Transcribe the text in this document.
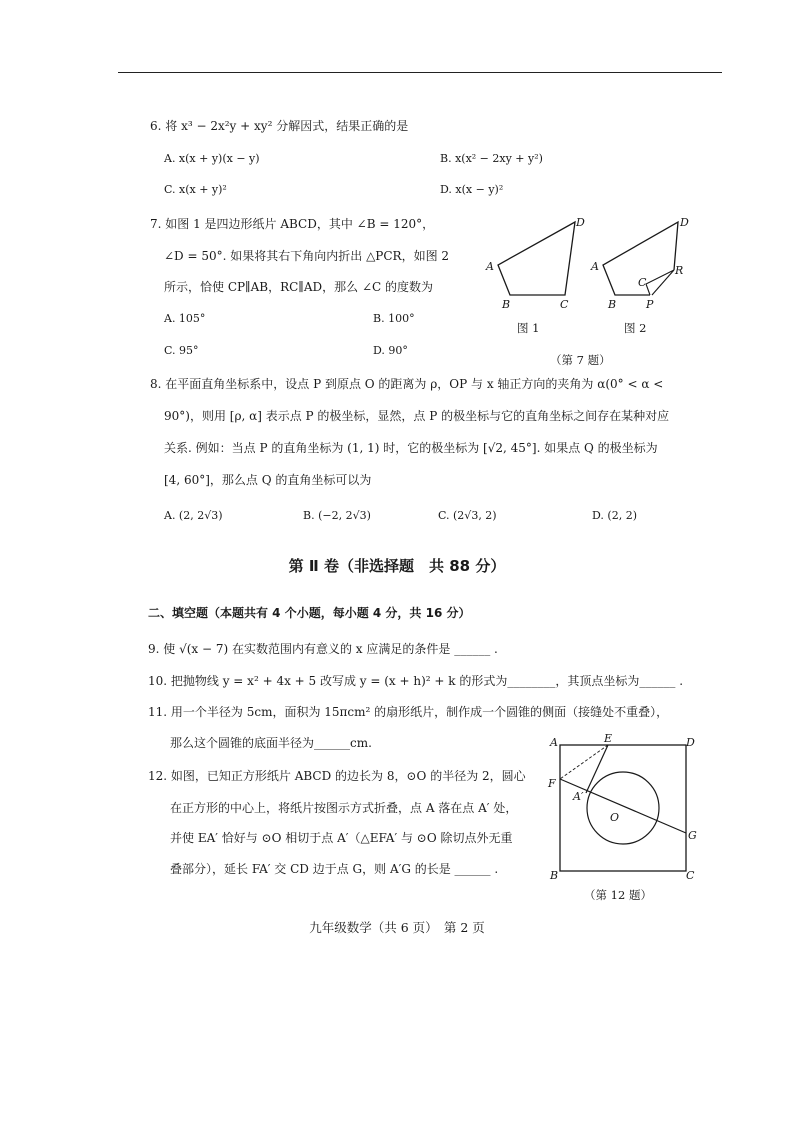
6. 将 x³ − 2x²y + xy² 分解因式，结果正确的是
A. x(x + y)(x − y)	B. x(x² − 2xy + y²)
C. x(x + y)²	D. x(x − y)²
7. 如图 1 是四边形纸片 ABCD，其中 ∠B = 120°，
∠D = 50°. 如果将其右下角向内折出 △PCR，如图 2
所示，恰使 CP∥AB，RC∥AD，那么 ∠C 的度数为
A. 105°	B. 100°
C. 95°	D. 90°
A
B	C
D
A
B
C
D
P
R
图 1	图 2
（第 7 题）
8. 在平面直角坐标系中，设点 P 到原点 O 的距离为 ρ，OP 与 x 轴正方向的夹角为 α(0° < α <
90°)，则用 [ρ, α] 表示点 P 的极坐标，显然，点 P 的极坐标与它的直角坐标之间存在某种对应
关系. 例如：当点 P 的直角坐标为 (1, 1) 时，它的极坐标为 [√2, 45°]. 如果点 Q 的极坐标为
[4, 60°]，那么点 Q 的直角坐标可以为
A. (2, 2√3)	B. (−2, 2√3)	C. (2√3, 2)	D. (2, 2)
第 Ⅱ 卷（非选择题　共 88 分）
二、填空题（本题共有 4 个小题，每小题 4 分，共 16 分）
9. 使 √(x − 7) 在实数范围内有意义的 x 应满足的条件是 ______ .
10. 把抛物线 y = x² + 4x + 5 改写成 y = (x + h)² + k 的形式为________，其顶点坐标为______ .
11. 用一个半径为 5cm，面积为 15πcm² 的扇形纸片，制作成一个圆锥的侧面（接缝处不重叠），
那么这个圆锥的底面半径为______cm.
12. 如图，已知正方形纸片 ABCD 的边长为 8，⊙O 的半径为 2，圆心
在正方形的中心上，将纸片按图示方式折叠，点 A 落在点 A′ 处，
并使 EA′ 恰好与 ⊙O 相切于点 A′（△EFA′ 与 ⊙O 除切点外无重
叠部分），延长 FA′ 交 CD 边于点 G，则 A′G 的长是 ______ .
A	E	D
F
A′
O
G
B	C
（第 12 题）
九年级数学（共 6 页）　第 2 页
